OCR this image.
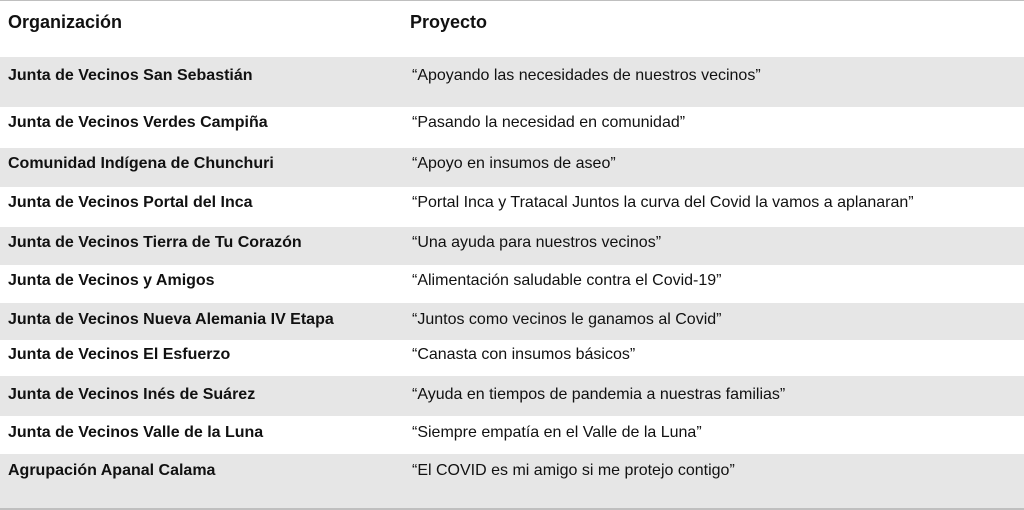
Organización	Proyecto
Junta de Vecinos San Sebastián	“Apoyando las necesidades de nuestros vecinos”
Junta de Vecinos Verdes Campiña	“Pasando la necesidad en comunidad”
Comunidad Indígena de Chunchuri	“Apoyo en insumos de aseo”
Junta de Vecinos Portal del Inca	“Portal Inca y Tratacal Juntos la curva del Covid la vamos a aplanaran”
Junta de Vecinos Tierra de Tu Corazón	“Una ayuda para nuestros vecinos”
Junta de Vecinos y Amigos	“Alimentación saludable contra el Covid-19”
Junta de Vecinos Nueva Alemania IV Etapa	“Juntos como vecinos le ganamos al Covid”
Junta de Vecinos El Esfuerzo	“Canasta con insumos básicos”
Junta de Vecinos Inés de Suárez	“Ayuda en tiempos de pandemia a nuestras familias”
Junta de Vecinos Valle de la Luna	“Siempre empatía en el Valle de la Luna”
Agrupación Apanal Calama	“El COVID es mi amigo si me protejo contigo”
